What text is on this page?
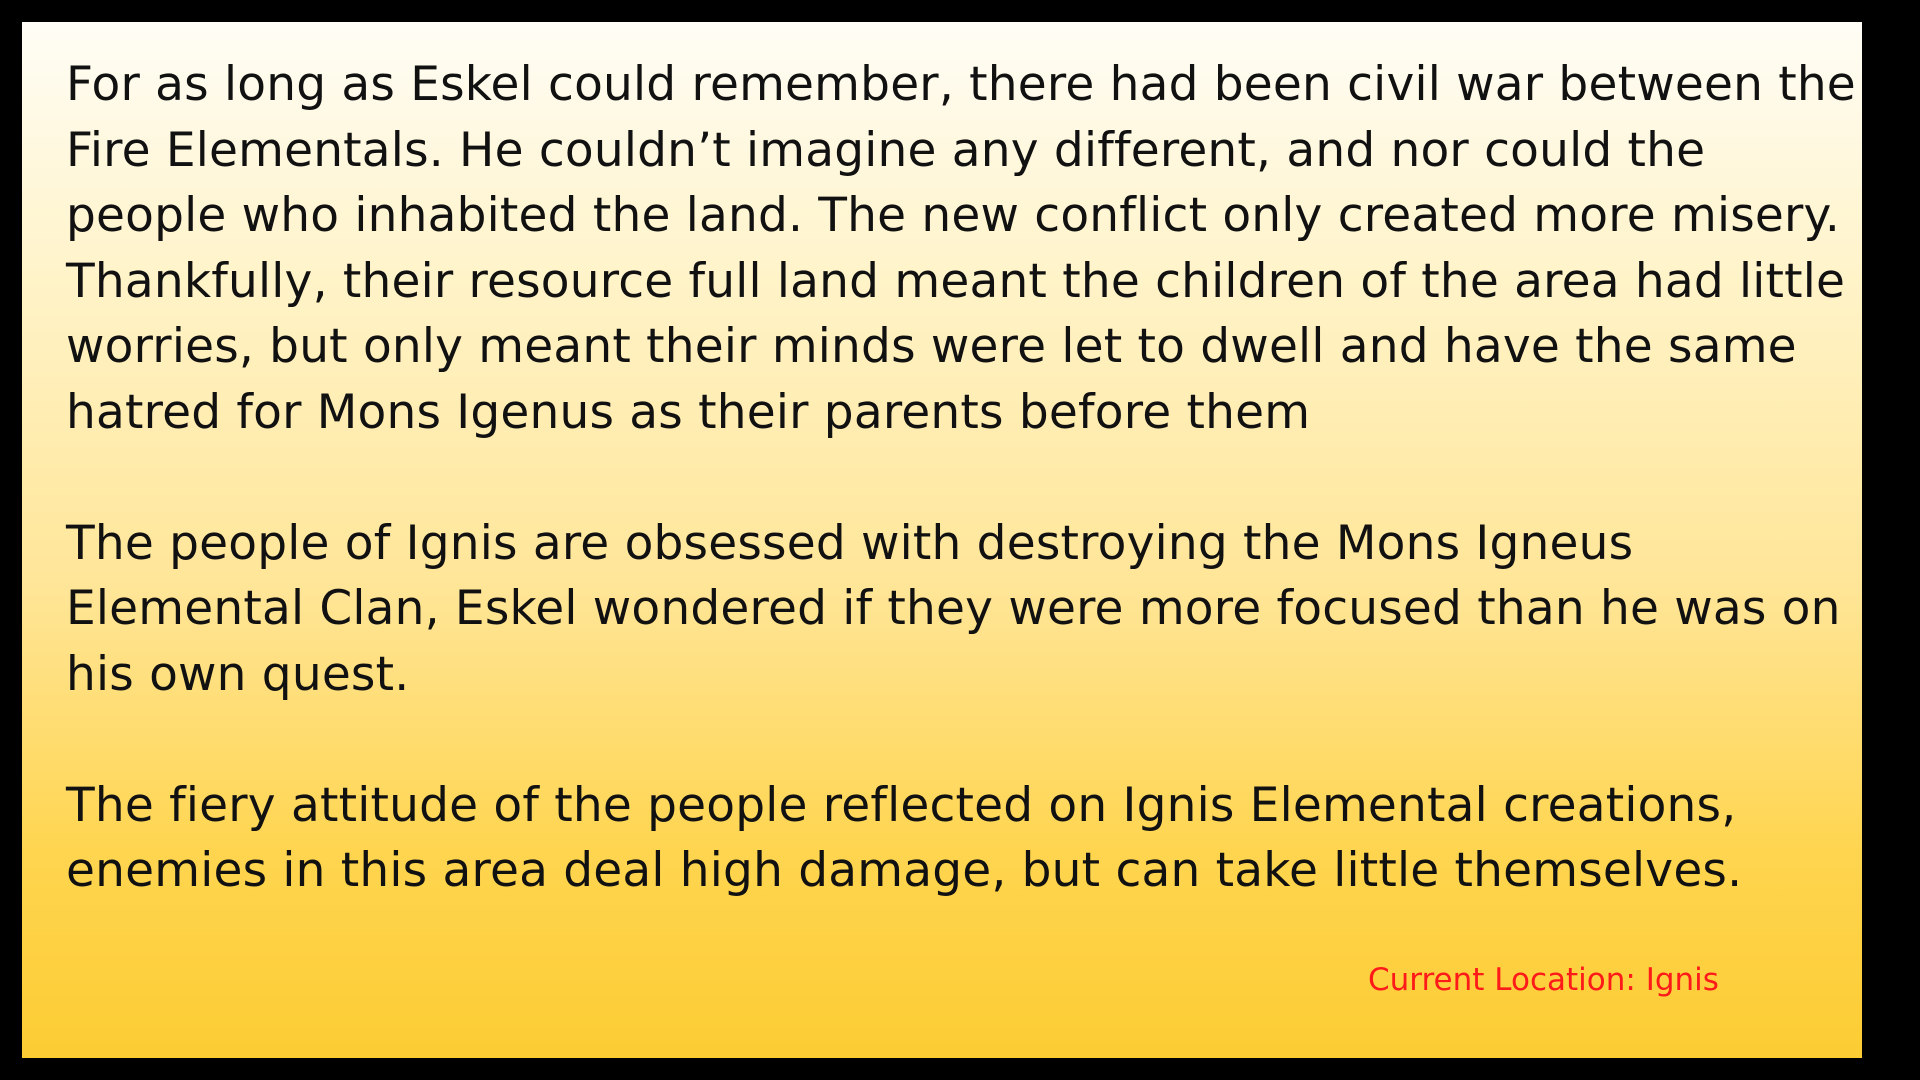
For as long as Eskel could remember, there had been civil war between the Fire Elementals. He couldn’t imagine any different, and nor could the people who inhabited the land. The new conflict only created more misery. Thankfully, their resource full land meant the children of the area had little worries, but only meant their minds were let to dwell and have the same hatred for Mons Igenus as their parents before them

The people of Ignis are obsessed with destroying the Mons Igneus Elemental Clan, Eskel wondered if they were more focused than he was on his own quest.

The fiery attitude of the people reflected on Ignis Elemental creations, enemies in this area deal high damage, but can take little themselves.

Current Location: Ignis
